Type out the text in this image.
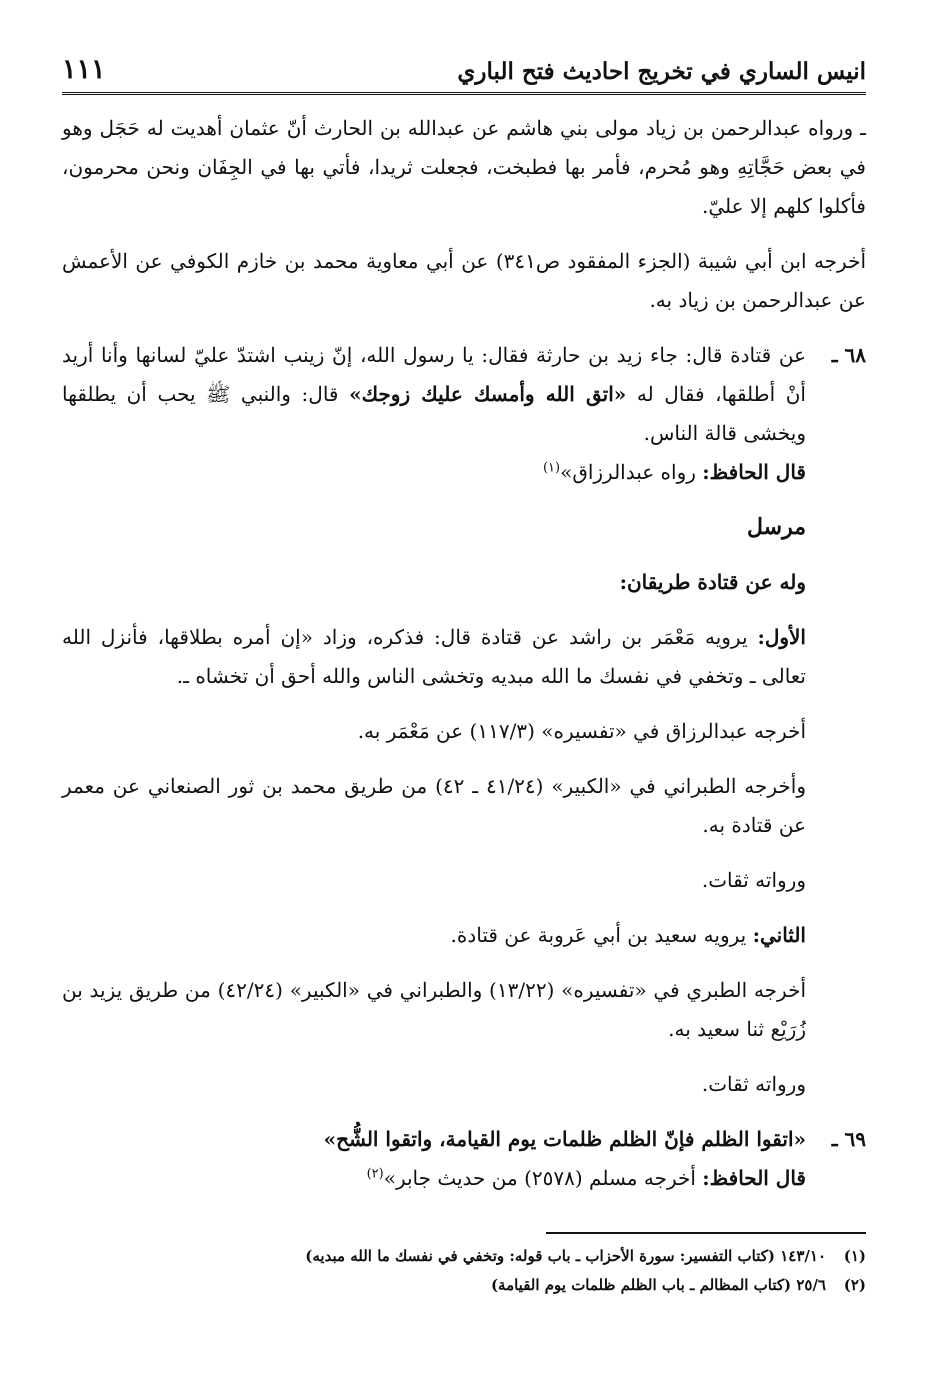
انيس الساري في تخريج احاديث فتح الباري
١١١

ـ ورواه عبدالرحمن بن زياد مولى بني هاشم عن عبدالله بن الحارث أنّ عثمان أهديت له حَجَل وهو في بعض حَجَّاتِهِ وهو مُحرم، فأمر بها فطبخت، فجعلت ثريدا، فأتي بها في الجِفَان ونحن محرمون، فأكلوا كلهم إلا عليّ.

أخرجه ابن أبي شيبة (الجزء المفقود ص٣٤١) عن أبي معاوية محمد بن خازم الكوفي عن الأعمش عن عبدالرحمن بن زياد به.

٦٨ ـ

عن قتادة قال: جاء زيد بن حارثة فقال: يا رسول الله، إنّ زينب اشتدّ عليّ لسانها وأنا أريد أنْ أطلقها، فقال له «اتق الله وأمسك عليك زوجك» قال: والنبي ﷺ يحب أن يطلقها ويخشى قالة الناس.

قال الحافظ: رواه عبدالرزاق»$^{(١)}$

مرسل

وله عن قتادة طريقان:

الأول: يرويه مَعْمَر بن راشد عن قتادة قال: فذكره، وزاد «إن أمره بطلاقها، فأنزل الله تعالى ـ وتخفي في نفسك ما الله مبديه وتخشى الناس والله أحق أن تخشاه ـ.

أخرجه عبدالرزاق في «تفسيره» (١١٧/٣) عن مَعْمَر به.

وأخرجه الطبراني في «الكبير» (٤١/٢٤ ـ ٤٢) من طريق محمد بن ثور الصنعاني عن معمر عن قتادة به.

ورواته ثقات.

الثاني: يرويه سعيد بن أبي عَروبة عن قتادة.

أخرجه الطبري في «تفسيره» (١٣/٢٢) والطبراني في «الكبير» (٤٢/٢٤) من طريق يزيد بن زُرَيْع ثنا سعيد به.

ورواته ثقات.

٦٩ ـ

«اتقوا الظلم فإنّ الظلم ظلمات يوم القيامة، واتقوا الشُّح»

قال الحافظ: أخرجه مسلم (٢٥٧٨) من حديث جابر»$^{(٢)}$

(١)١٤٣/١٠ (كتاب التفسير: سورة الأحزاب ـ باب قوله: وتخفي في نفسك ما الله مبديه)

(٢)٢٥/٦ (كتاب المظالم ـ باب الظلم ظلمات يوم القيامة)
